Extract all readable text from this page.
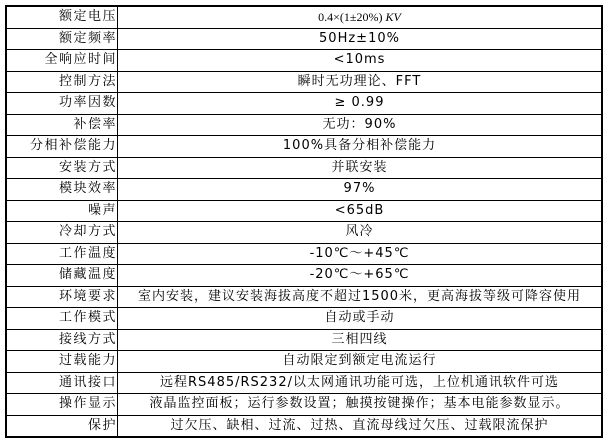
额定电压	0.4×(1±20%) KV
额定频率	50Hz±10%
全响应时间	<10ms
控制方法	瞬时无功理论、FFT
功率因数	≥ 0.99
补偿率	无功：90%
分相补偿能力	100%具备分相补偿能力
安装方式	并联安装
模块效率	97%
噪声	<65dB
冷却方式	风冷
工作温度	-10℃～+45℃
储藏温度	-20℃～+65℃
环境要求	室内安装，建议安装海拔高度不超过1500米，更高海拔等级可降容使用
工作模式	自动或手动
接线方式	三相四线
过载能力	自动限定到额定电流运行
通讯接口	远程RS485/RS232/以太网通讯功能可选，上位机通讯软件可选
操作显示	液晶监控面板；运行参数设置；触摸按键操作；基本电能参数显示。
保护	过欠压、缺相、过流、过热、直流母线过欠压、过载限流保护
